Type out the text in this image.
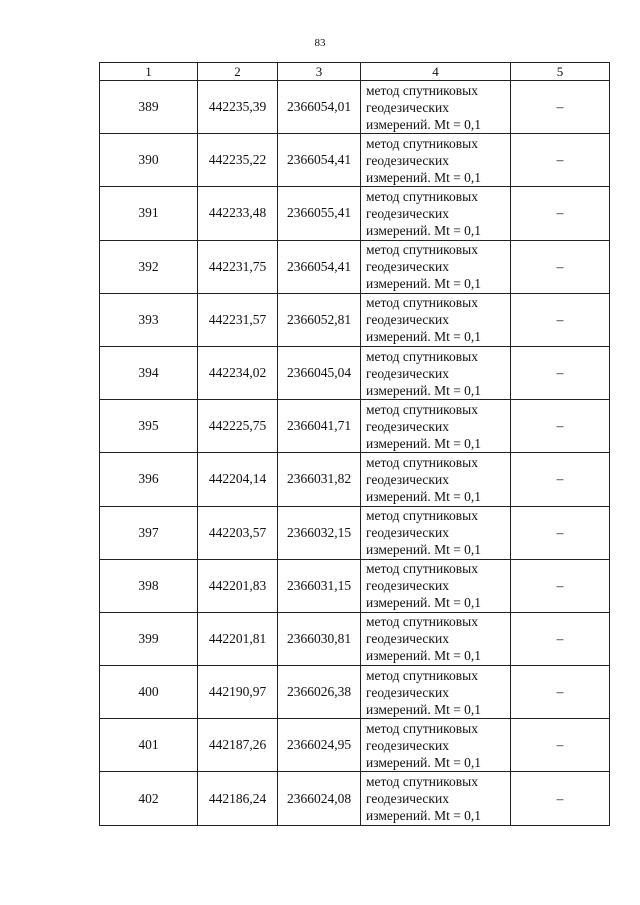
83
1	2	3	4	5
389	442235,39	2366054,01	метод спутниковых
геодезических
измерений. Mt = 0,1	–
390	442235,22	2366054,41	метод спутниковых
геодезических
измерений. Mt = 0,1	–
391	442233,48	2366055,41	метод спутниковых
геодезических
измерений. Mt = 0,1	–
392	442231,75	2366054,41	метод спутниковых
геодезических
измерений. Mt = 0,1	–
393	442231,57	2366052,81	метод спутниковых
геодезических
измерений. Mt = 0,1	–
394	442234,02	2366045,04	метод спутниковых
геодезических
измерений. Mt = 0,1	–
395	442225,75	2366041,71	метод спутниковых
геодезических
измерений. Mt = 0,1	–
396	442204,14	2366031,82	метод спутниковых
геодезических
измерений. Mt = 0,1	–
397	442203,57	2366032,15	метод спутниковых
геодезических
измерений. Mt = 0,1	–
398	442201,83	2366031,15	метод спутниковых
геодезических
измерений. Mt = 0,1	–
399	442201,81	2366030,81	метод спутниковых
геодезических
измерений. Mt = 0,1	–
400	442190,97	2366026,38	метод спутниковых
геодезических
измерений. Mt = 0,1	–
401	442187,26	2366024,95	метод спутниковых
геодезических
измерений. Mt = 0,1	–
402	442186,24	2366024,08	метод спутниковых
геодезических
измерений. Mt = 0,1	–
